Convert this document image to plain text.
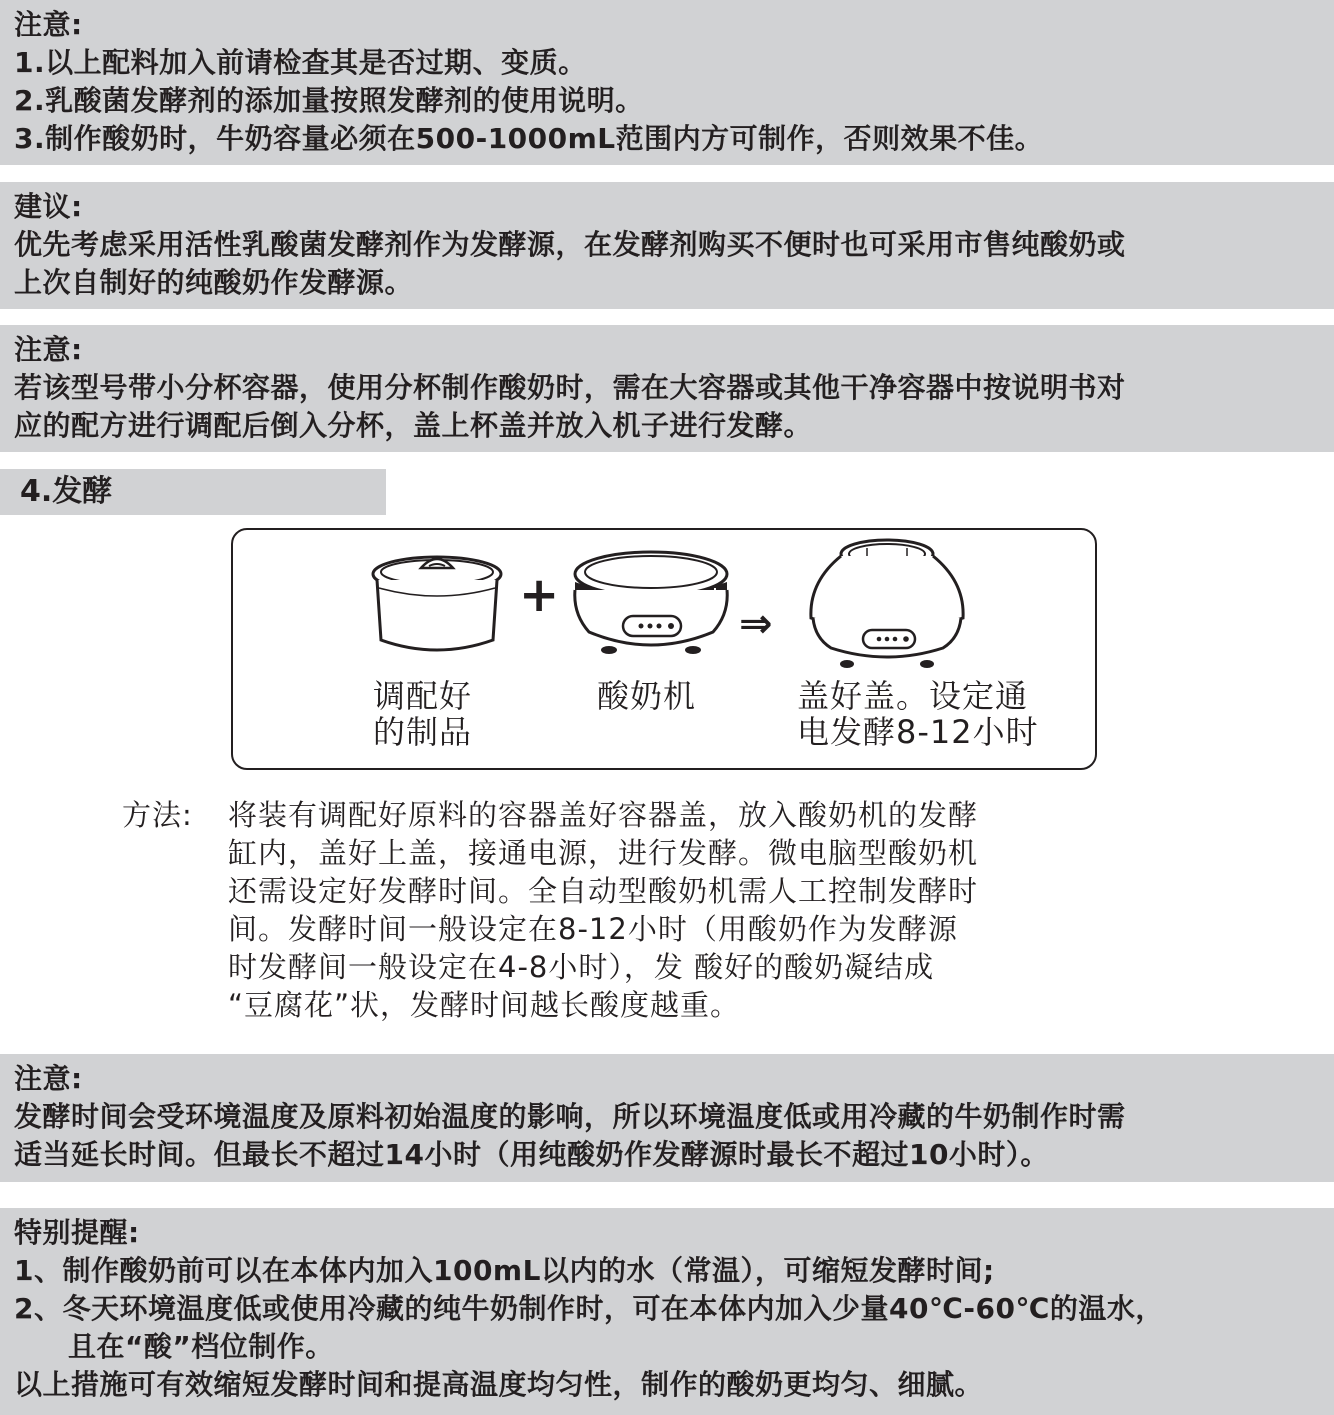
注意:
1.以上配料加入前请检查其是否过期、变质。
2.乳酸菌发酵剂的添加量按照发酵剂的使用说明。
3.制作酸奶时，牛奶容量必须在500-1000mL范围内方可制作，否则效果不佳。
建议:
优先考虑采用活性乳酸菌发酵剂作为发酵源，在发酵剂购买不便时也可采用市售纯酸奶或
上次自制好的纯酸奶作发酵源。
注意:
若该型号带小分杯容器，使用分杯制作酸奶时，需在大容器或其他干净容器中按说明书对
应的配方进行调配后倒入分杯，盖上杯盖并放入机子进行发酵。
4.发酵
+
⇒
调配好
的制品
酸奶机	盖好盖。设定通
电发酵8-12小时
方法: 将装有调配好原料的容器盖好容器盖，放入酸奶机的发酵
缸内，盖好上盖，接通电源，进行发酵。微电脑型酸奶机
还需设定好发酵时间。全自动型酸奶机需人工控制发酵时
间。发酵时间一般设定在8-12小时（用酸奶作为发酵源
时发酵间一般设定在4-8小时），发 酸好的酸奶凝结成
“豆腐花”状，发酵时间越长酸度越重。
注意:
发酵时间会受环境温度及原料初始温度的影响，所以环境温度低或用冷藏的牛奶制作时需
适当延长时间。但最长不超过14小时（用纯酸奶作发酵源时最长不超过10小时）。
特别提醒:
1、制作酸奶前可以在本体内加入100mL以内的水（常温），可缩短发酵时间;
2、冬天环境温度低或使用冷藏的纯牛奶制作时，可在本体内加入少量40℃-60℃的温水，
且在“酸”档位制作。
以上措施可有效缩短发酵时间和提高温度均匀性，制作的酸奶更均匀、细腻。
